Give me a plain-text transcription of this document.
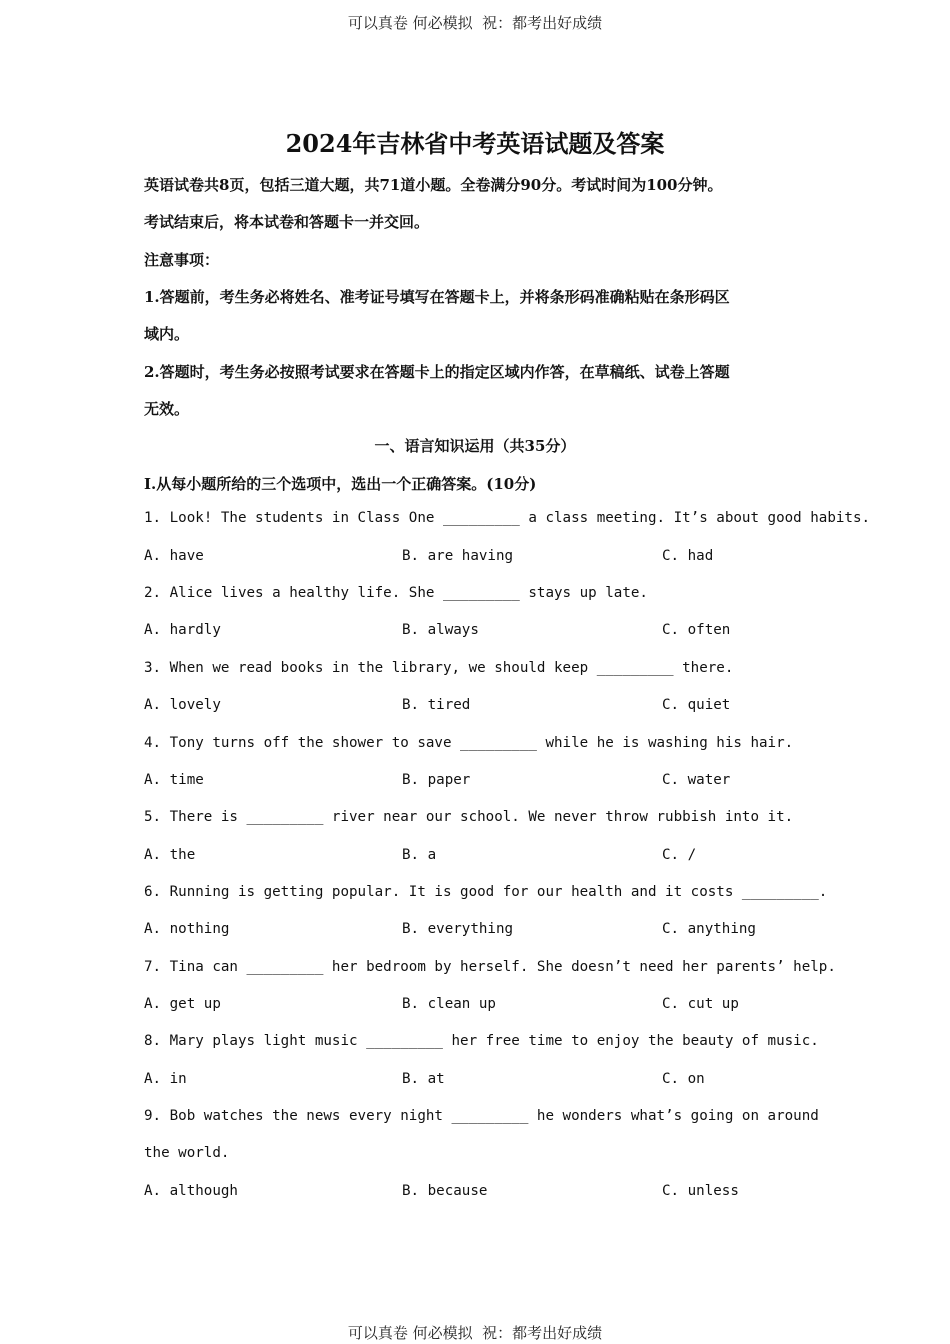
可以真卷 何必模拟  祝：都考出好成绩
2024年吉林省中考英语试题及答案
英语试卷共8页，包括三道大题，共71道小题。全卷满分90分。考试时间为100分钟。
考试结束后，将本试卷和答题卡一并交回。
注意事项：
1.答题前，考生务必将姓名、准考证号填写在答题卡上，并将条形码准确粘贴在条形码区
域内。
2.答题时，考生务必按照考试要求在答题卡上的指定区域内作答，在草稿纸、试卷上答题
无效。
一、语言知识运用（共35分）
Ⅰ.从每小题所给的三个选项中，选出一个正确答案。(10分)
1. Look! The students in Class One _________ a class meeting. It’s about good habits.
A. have	B. are having	C. had
2. Alice lives a healthy life. She _________ stays up late.
A. hardly	B. always	C. often
3. When we read books in the library, we should keep _________ there.
A. lovely	B. tired	C. quiet
4. Tony turns off the shower to save _________ while he is washing his hair.
A. time	B. paper	C. water
5. There is _________ river near our school. We never throw rubbish into it.
A. the	B. a	C. /
6. Running is getting popular. It is good for our health and it costs _________.
A. nothing	B. everything	C. anything
7. Tina can _________ her bedroom by herself. She doesn’t need her parents’ help.
A. get up	B. clean up	C. cut up
8. Mary plays light music _________ her free time to enjoy the beauty of music.
A. in	B. at	C. on
9. Bob watches the news every night _________ he wonders what’s going on around
the world.
A. although	B. because	C. unless
可以真卷 何必模拟  祝：都考出好成绩
